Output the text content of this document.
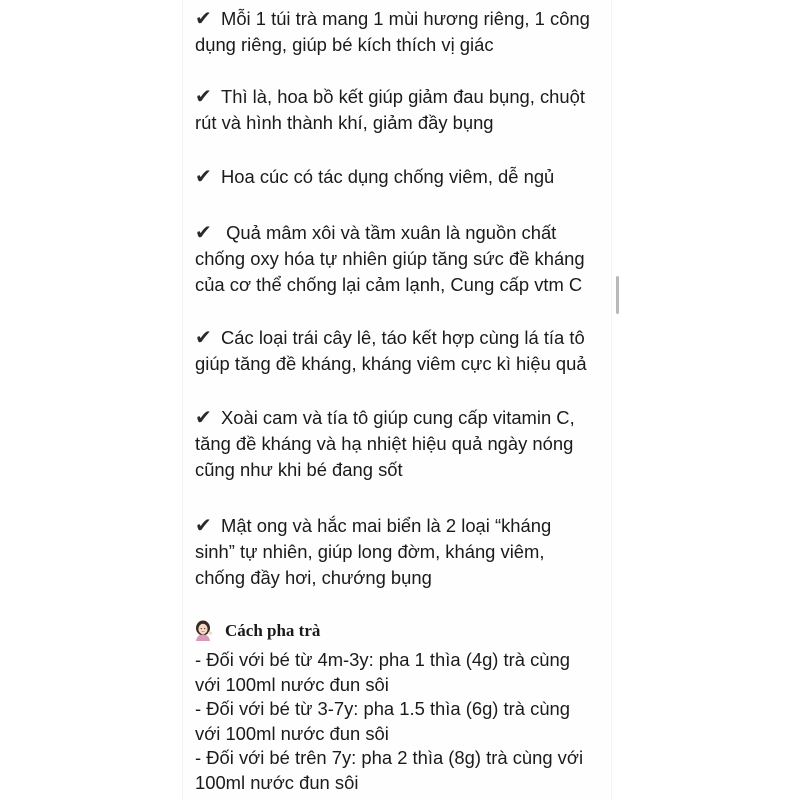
✔ Mỗi 1 túi trà mang 1 mùi hương riêng, 1 công
dụng riêng, giúp bé kích thích vị giác
✔ Thì là, hoa bồ kết giúp giảm đau bụng, chuột
rút và hình thành khí, giảm đầy bụng
✔ Hoa cúc có tác dụng chống viêm, dễ ngủ
✔ Quả mâm xôi và tầm xuân là nguồn chất
chống oxy hóa tự nhiên giúp tăng sức đề kháng
của cơ thể chống lại cảm lạnh, Cung cấp vtm C
✔ Các loại trái cây lê, táo kết hợp cùng lá tía tô
giúp tăng đề kháng, kháng viêm cực kì hiệu quả
✔ Xoài cam và tía tô giúp cung cấp vitamin C,
tăng đề kháng và hạ nhiệt hiệu quả ngày nóng
cũng như khi bé đang sốt
✔ Mật ong và hắc mai biển là 2 loại “kháng
sinh” tự nhiên, giúp long đờm, kháng viêm,
chống đầy hơi, chướng bụng
Cách pha trà
- Đối với bé từ 4m-3y: pha 1 thìa (4g) trà cùng
với 100ml nước đun sôi
- Đối với bé từ 3-7y: pha 1.5 thìa (6g) trà cùng
với 100ml nước đun sôi
- Đối với bé trên 7y: pha 2 thìa (8g) trà cùng với
100ml nước đun sôi
